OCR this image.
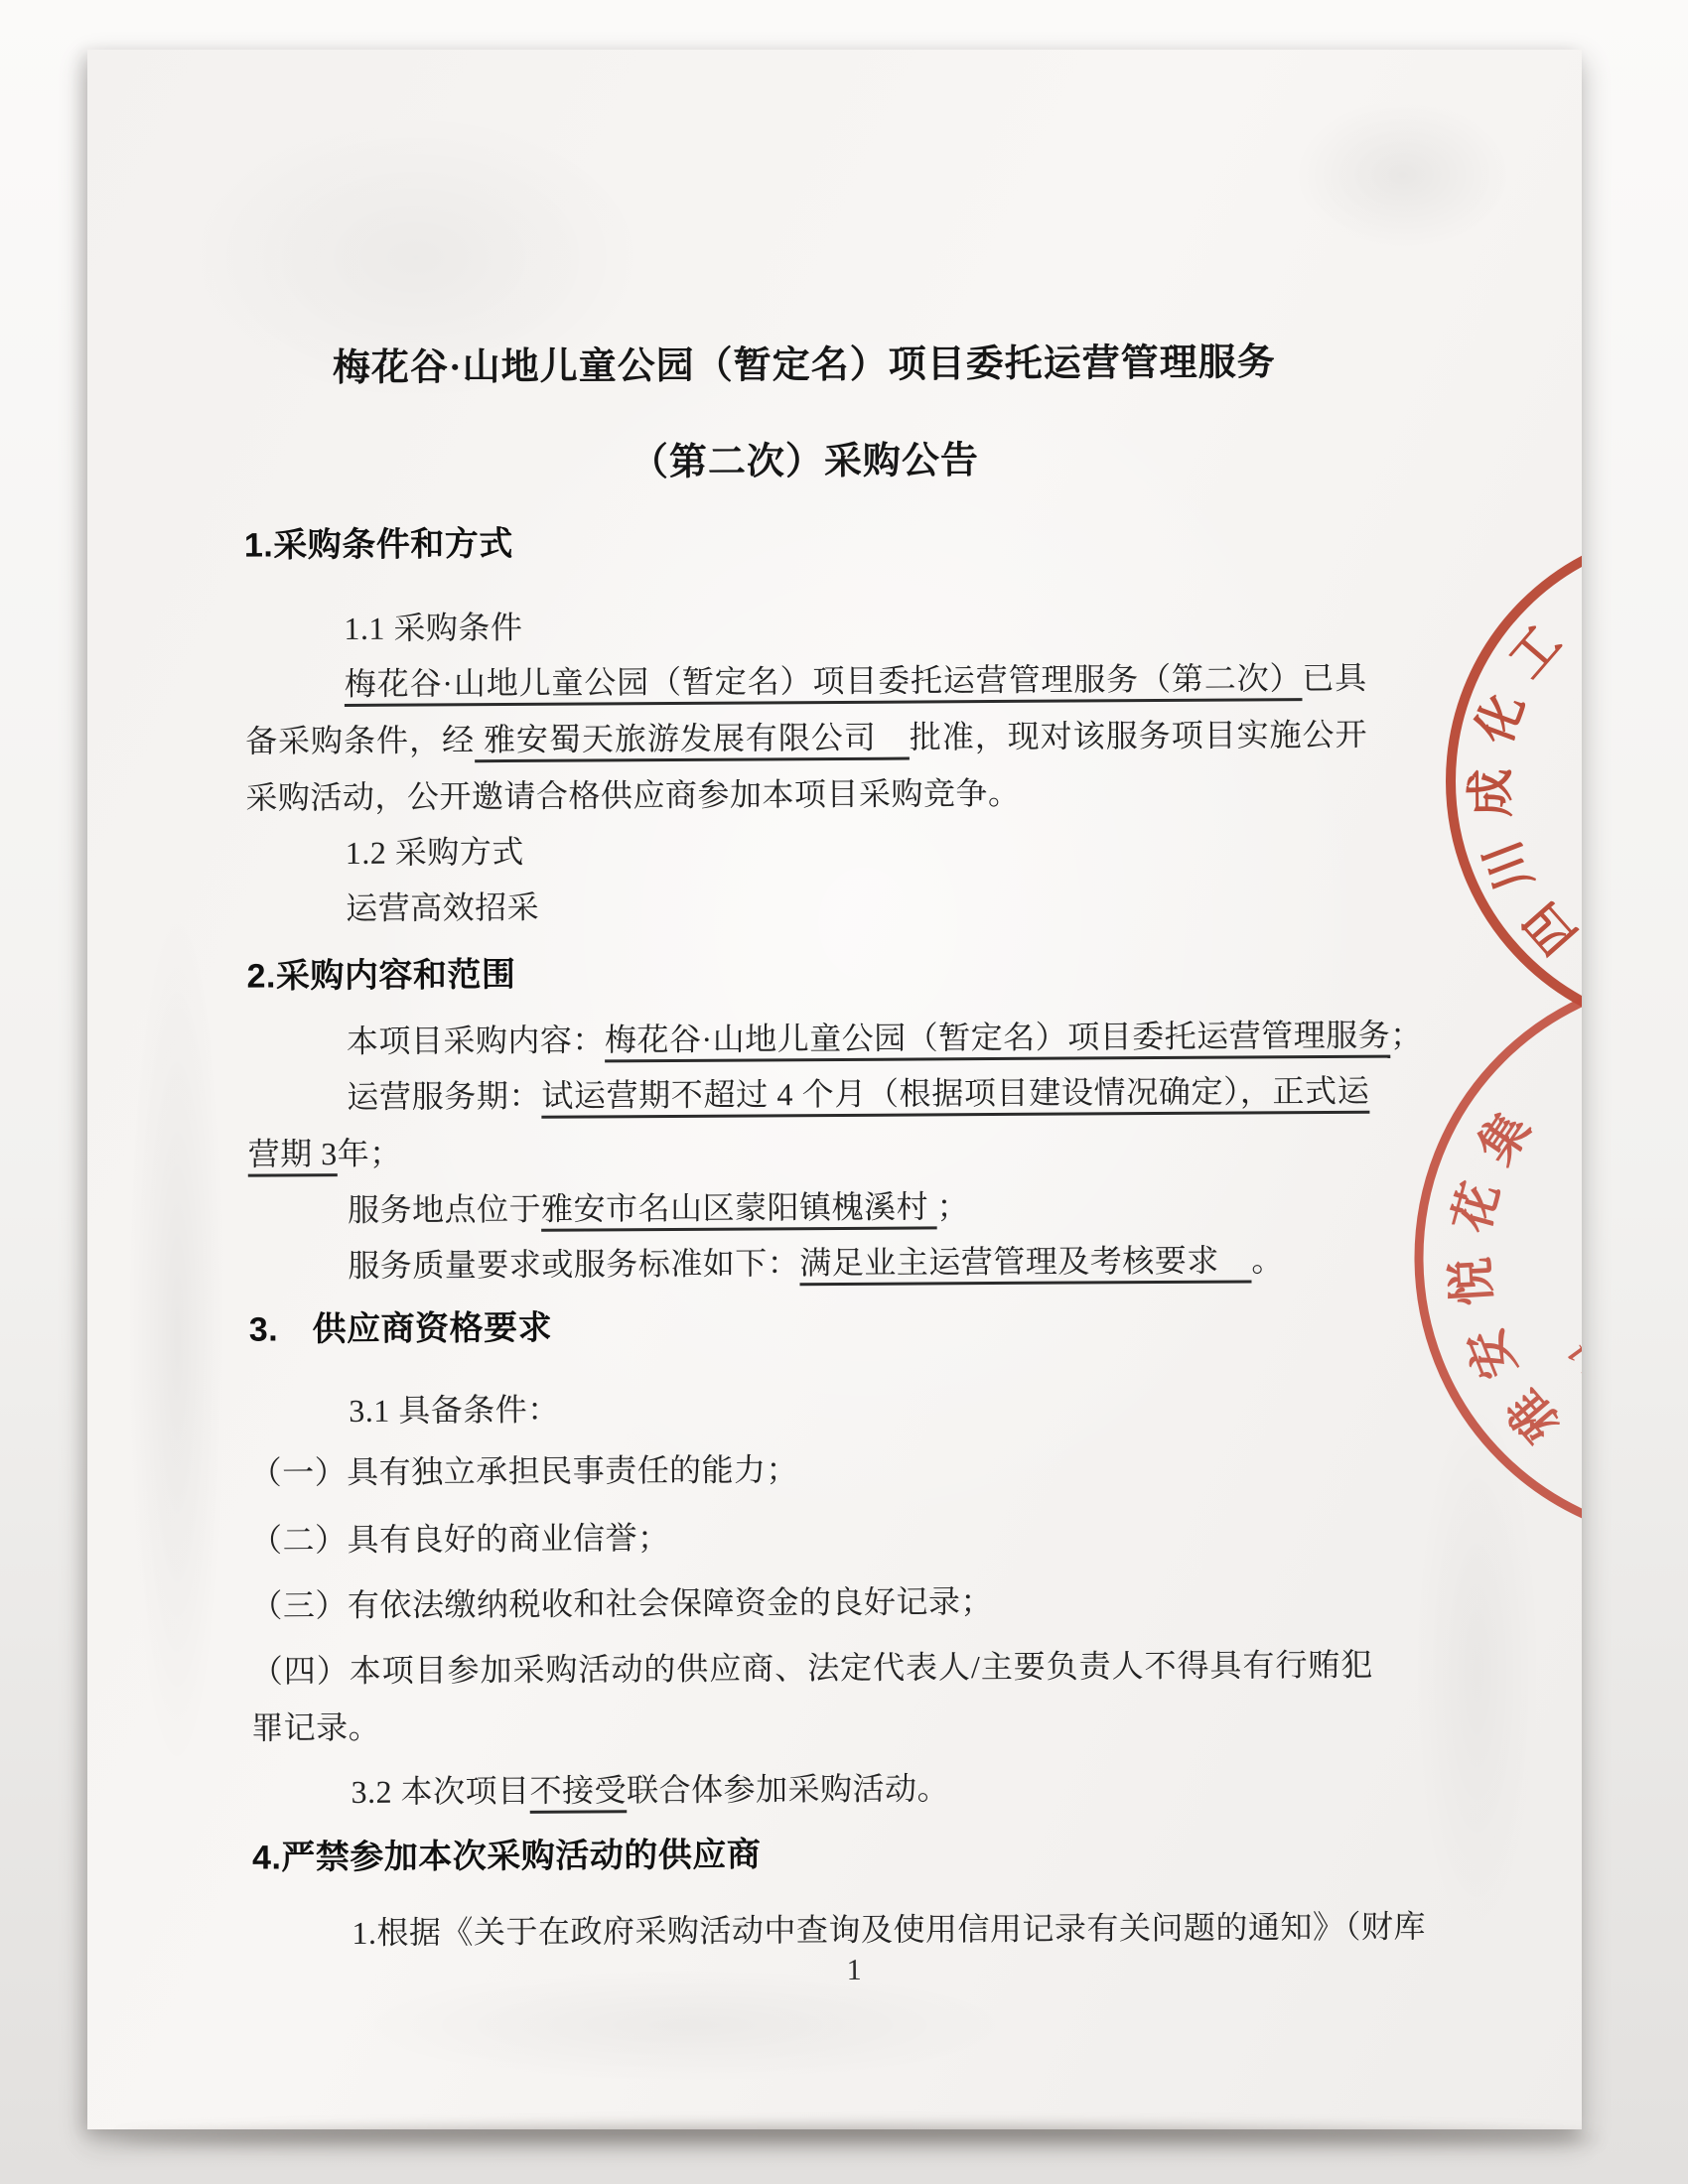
四川成化工
雅安悦花集
511
梅花谷·山地儿童公园（暂定名）项目委托运营管理服务
（第二次）采购公告
1.采购条件和方式
1.1 采购条件
梅花谷·山地儿童公园（暂定名）项目委托运营管理服务（第二次）已具备采购条件，经 雅安蜀天旅游发展有限公司　批准，现对该服务项目实施公开采购活动，公开邀请合格供应商参加本项目采购竞争。
1.2 采购方式
运营高效招采
2.采购内容和范围
本项目采购内容：梅花谷·山地儿童公园（暂定名）项目委托运营管理服务；
运营服务期：试运营期不超过 4 个月（根据项目建设情况确定），正式运营期 3年；
服务地点位于雅安市名山区蒙阳镇槐溪村 ；
服务质量要求或服务标准如下：满足业主运营管理及考核要求　。
3.　供应商资格要求
3.1 具备条件：
（一）具有独立承担民事责任的能力；
（二）具有良好的商业信誉；
（三）有依法缴纳税收和社会保障资金的良好记录；
（四）本项目参加采购活动的供应商、法定代表人/主要负责人不得具有行贿犯罪记录。
3.2 本次项目不接受联合体参加采购活动。
4.严禁参加本次采购活动的供应商
1.根据《关于在政府采购活动中查询及使用信用记录有关问题的通知》（财库
1
